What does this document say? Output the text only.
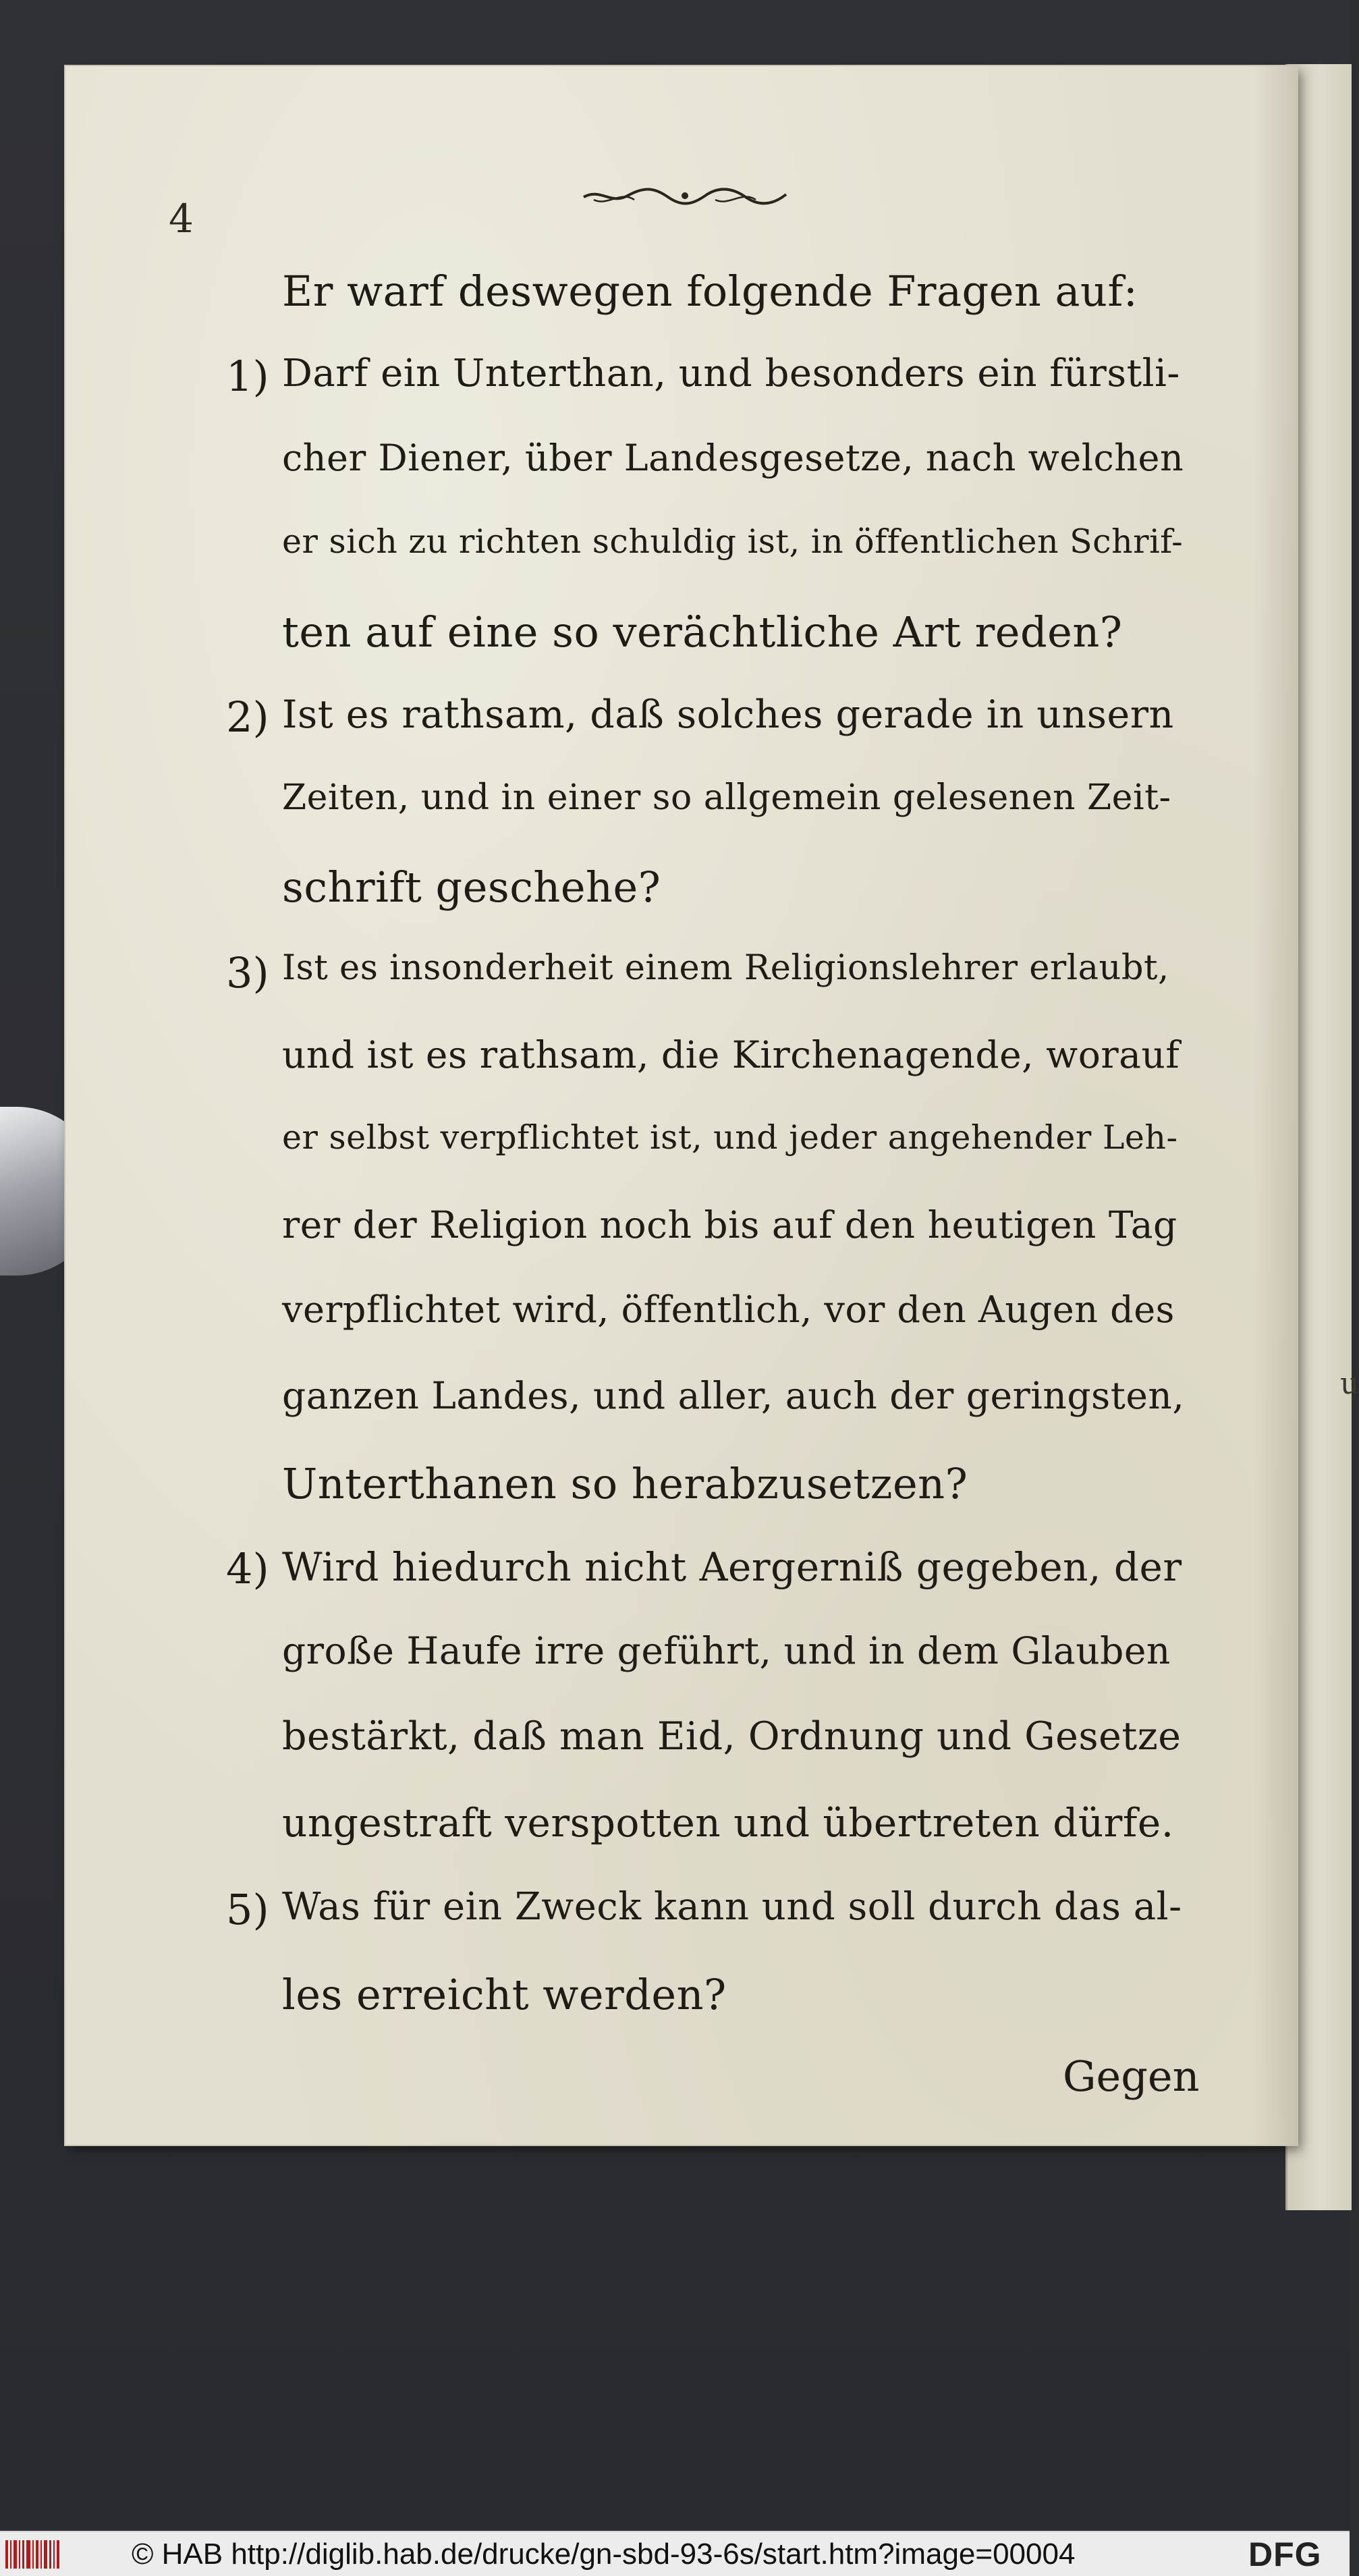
u
4
Er warf deswegen folgende Fragen auf:
1) Darf ein Unterthan, und besonders ein fürstli-
cher Diener, über Landesgesetze, nach welchen
er sich zu richten schuldig ist, in öffentlichen Schrif-
ten auf eine so verächtliche Art reden?
2) Ist es rathsam, daß solches gerade in unsern
Zeiten, und in einer so allgemein gelesenen Zeit-
schrift geschehe?
3) Ist es insonderheit einem Religionslehrer erlaubt,
und ist es rathsam, die Kirchenagende, worauf
er selbst verpflichtet ist, und jeder angehender Leh-
rer der Religion noch bis auf den heutigen Tag
verpflichtet wird, öffentlich, vor den Augen des
ganzen Landes, und aller, auch der geringsten,
Unterthanen so herabzusetzen?
4) Wird hiedurch nicht Aergerniß gegeben, der
große Haufe irre geführt, und in dem Glauben
bestärkt, daß man Eid, Ordnung und Gesetze
ungestraft verspotten und übertreten dürfe.
5) Was für ein Zweck kann und soll durch das al-
les erreicht werden?
Gegen
© HAB http://diglib.hab.de/drucke/gn-sbd-93-6s/start.htm?image=00004	DFG
